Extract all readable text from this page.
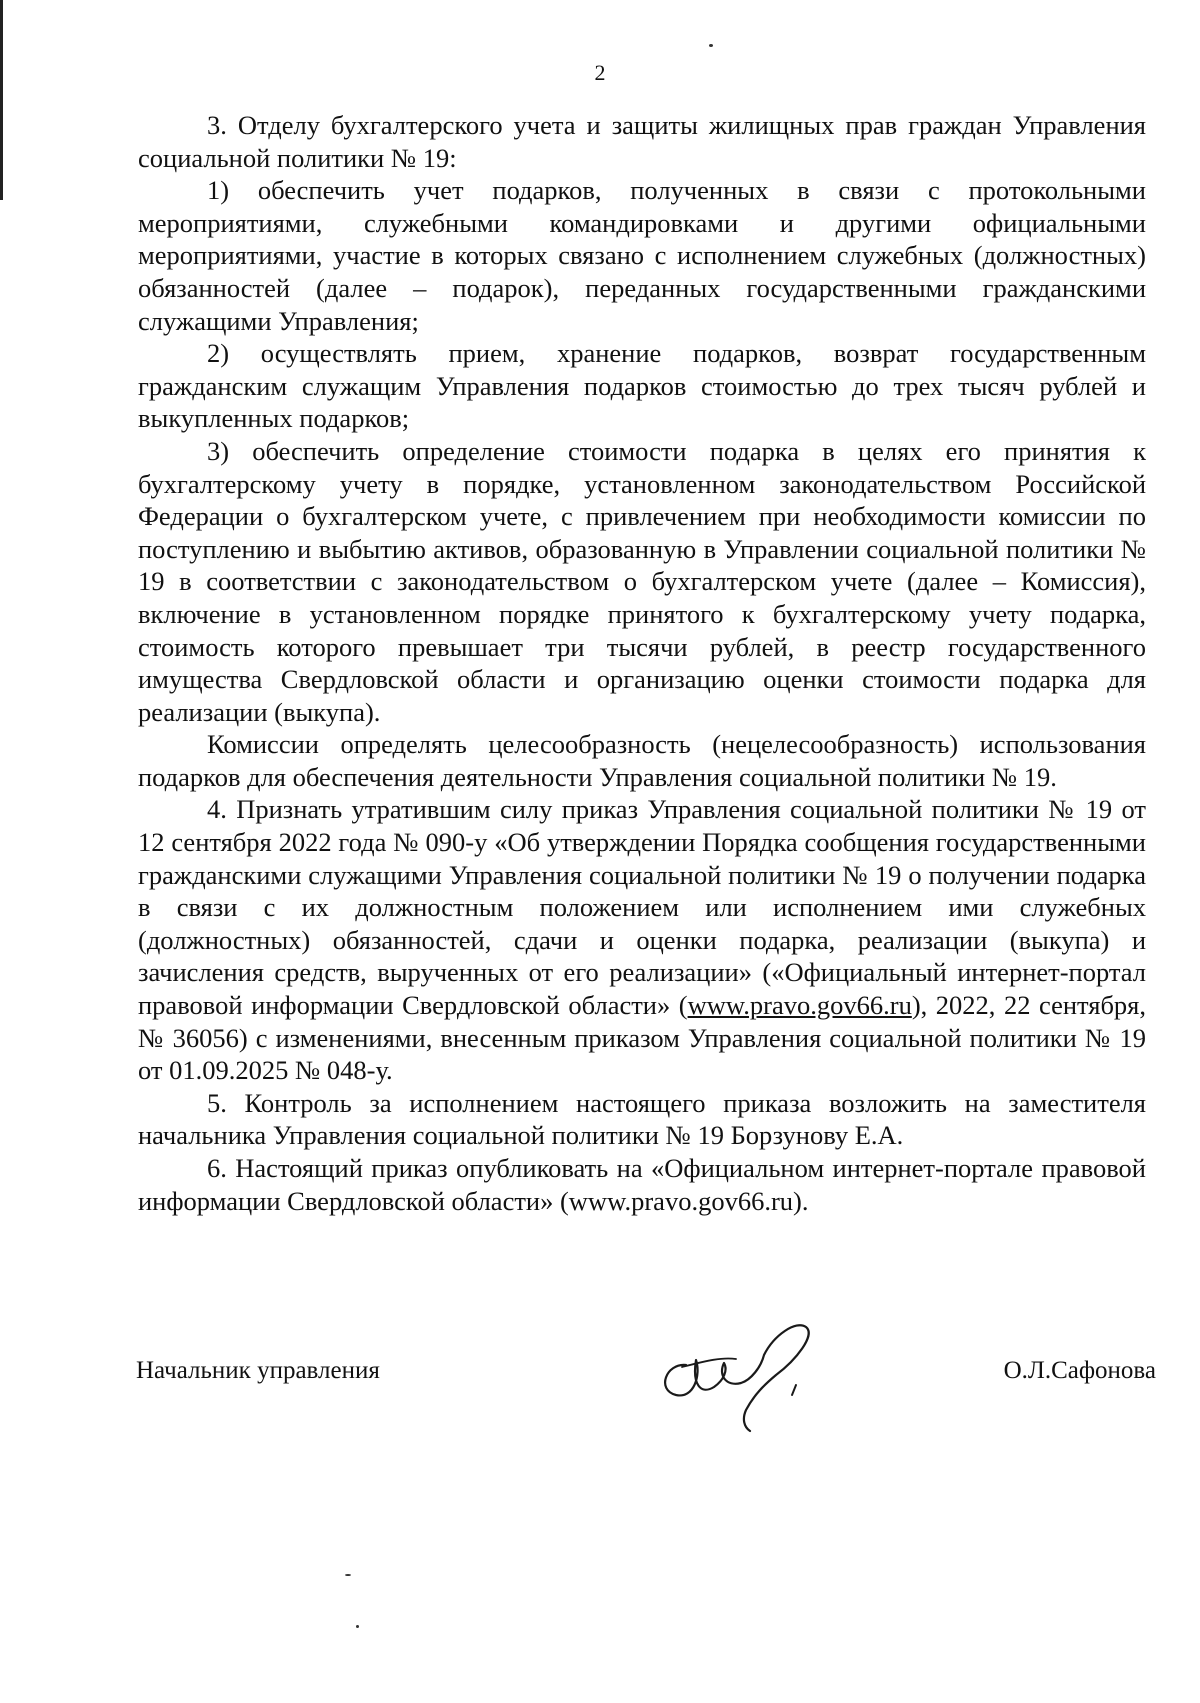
2

3. Отделу бухгалтерского учета и защиты жилищных прав граждан Управления социальной политики № 19:

1) обеспечить учет подарков, полученных в связи с протокольными мероприятиями, служебными командировками и другими официальными мероприятиями, участие в которых связано с исполнением служебных (должностных) обязанностей (далее – подарок), переданных государственными гражданскими служащими Управления;

2) осуществлять прием, хранение подарков, возврат государственным гражданским служащим Управления подарков стоимостью до трех тысяч рублей и выкупленных подарков;

3) обеспечить определение стоимости подарка в целях его принятия к бухгалтерскому учету в порядке, установленном законодательством Российской Федерации о бухгалтерском учете, с привлечением при необходимости комиссии по поступлению и выбытию активов, образованную в Управлении социальной политики № 19 в соответствии с законодательством о бухгалтерском учете (далее – Комиссия), включение в установленном порядке принятого к бухгалтерскому учету подарка, стоимость которого превышает три тысячи рублей, в реестр государственного имущества Свердловской области и организацию оценки стоимости подарка для реализации (выкупа).

Комиссии определять целесообразность (нецелесообразность) использования подарков для обеспечения деятельности Управления социальной политики № 19.

4. Признать утратившим силу приказ Управления социальной политики № 19 от 12 сентября 2022 года № 090-у «Об утверждении Порядка сообщения государственными гражданскими служащими Управления социальной политики № 19 о получении подарка в связи с их должностным положением или исполнением ими служебных (должностных) обязанностей, сдачи и оценки подарка, реализации (выкупа) и зачисления средств, вырученных от его реализации» («Официальный интернет-портал правовой информации Свердловской области» (www.pravo.gov66.ru), 2022, 22 сентября, № 36056) с изменениями, внесенным приказом Управления социальной политики № 19 от 01.09.2025 № 048-у.

5. Контроль за исполнением настоящего приказа возложить на заместителя начальника Управления социальной политики № 19 Борзунову Е.А.

6. Настоящий приказ опубликовать на «Официальном интернет-портале правовой информации Свердловской области» (www.pravo.gov66.ru).

Начальник управления	О.Л.Сафонова
